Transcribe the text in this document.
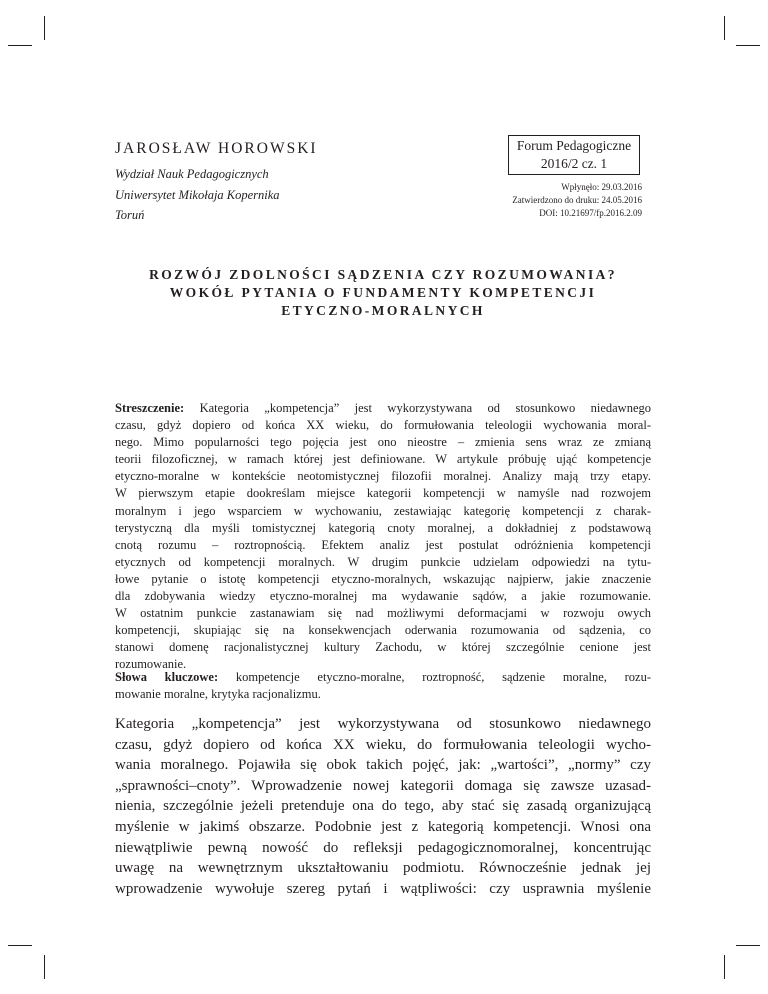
JAROSŁAW HOROWSKI
Wydział Nauk Pedagogicznych
Uniwersytet Mikołaja Kopernika
Toruń
Forum Pedagogiczne
2016/2 cz. 1
Wpłynęło: 29.03.2016
Zatwierdzono do druku: 24.05.2016
DOI: 10.21697/fp.2016.2.09
ROZWÓJ ZDOLNOŚCI SĄDZENIA CZY ROZUMOWANIA?
WOKÓŁ PYTANIA O FUNDAMENTY KOMPETENCJI
ETYCZNO-MORALNYCH
Streszczenie: Kategoria „kompetencja” jest wykorzystywana od stosunkowo niedawnego
czasu, gdyż dopiero od końca XX wieku, do formułowania teleologii wychowania moral-
nego. Mimo popularności tego pojęcia jest ono nieostre – zmienia sens wraz ze zmianą
teorii filozoficznej, w ramach której jest definiowane. W artykule próbuję ująć kompetencje
etyczno-moralne w kontekście neotomistycznej filozofii moralnej. Analizy mają trzy etapy.
W pierwszym etapie dookreślam miejsce kategorii kompetencji w namyśle nad rozwojem
moralnym i jego wsparciem w wychowaniu, zestawiając kategorię kompetencji z charak-
terystyczną dla myśli tomistycznej kategorią cnoty moralnej, a dokładniej z podstawową
cnotą rozumu – roztropnością. Efektem analiz jest postulat odróżnienia kompetencji
etycznych od kompetencji moralnych. W drugim punkcie udzielam odpowiedzi na tytu-
łowe pytanie o istotę kompetencji etyczno-moralnych, wskazując najpierw, jakie znaczenie
dla zdobywania wiedzy etyczno-moralnej ma wydawanie sądów, a jakie rozumowanie.
W ostatnim punkcie zastanawiam się nad możliwymi deformacjami w rozwoju owych
kompetencji, skupiając się na konsekwencjach oderwania rozumowania od sądzenia, co
stanowi domenę racjonalistycznej kultury Zachodu, w której szczególnie cenione jest
rozumowanie.
Słowa kluczowe: kompetencje etyczno-moralne, roztropność, sądzenie moralne, rozu-
mowanie moralne, krytyka racjonalizmu.
Kategoria „kompetencja” jest wykorzystywana od stosunkowo niedawnego
czasu, gdyż dopiero od końca XX wieku, do formułowania teleologii wycho-
wania moralnego. Pojawiła się obok takich pojęć, jak: „wartości”, „normy” czy
„sprawności–cnoty”. Wprowadzenie nowej kategorii domaga się zawsze uzasad-
nienia, szczególnie jeżeli pretenduje ona do tego, aby stać się zasadą organizującą
myślenie w jakimś obszarze. Podobnie jest z kategorią kompetencji. Wnosi ona
niewątpliwie pewną nowość do refleksji pedagogicznomoralnej, koncentrując
uwagę na wewnętrznym ukształtowaniu podmiotu. Równocześnie jednak jej
wprowadzenie wywołuje szereg pytań i wątpliwości: czy usprawnia myślenie
